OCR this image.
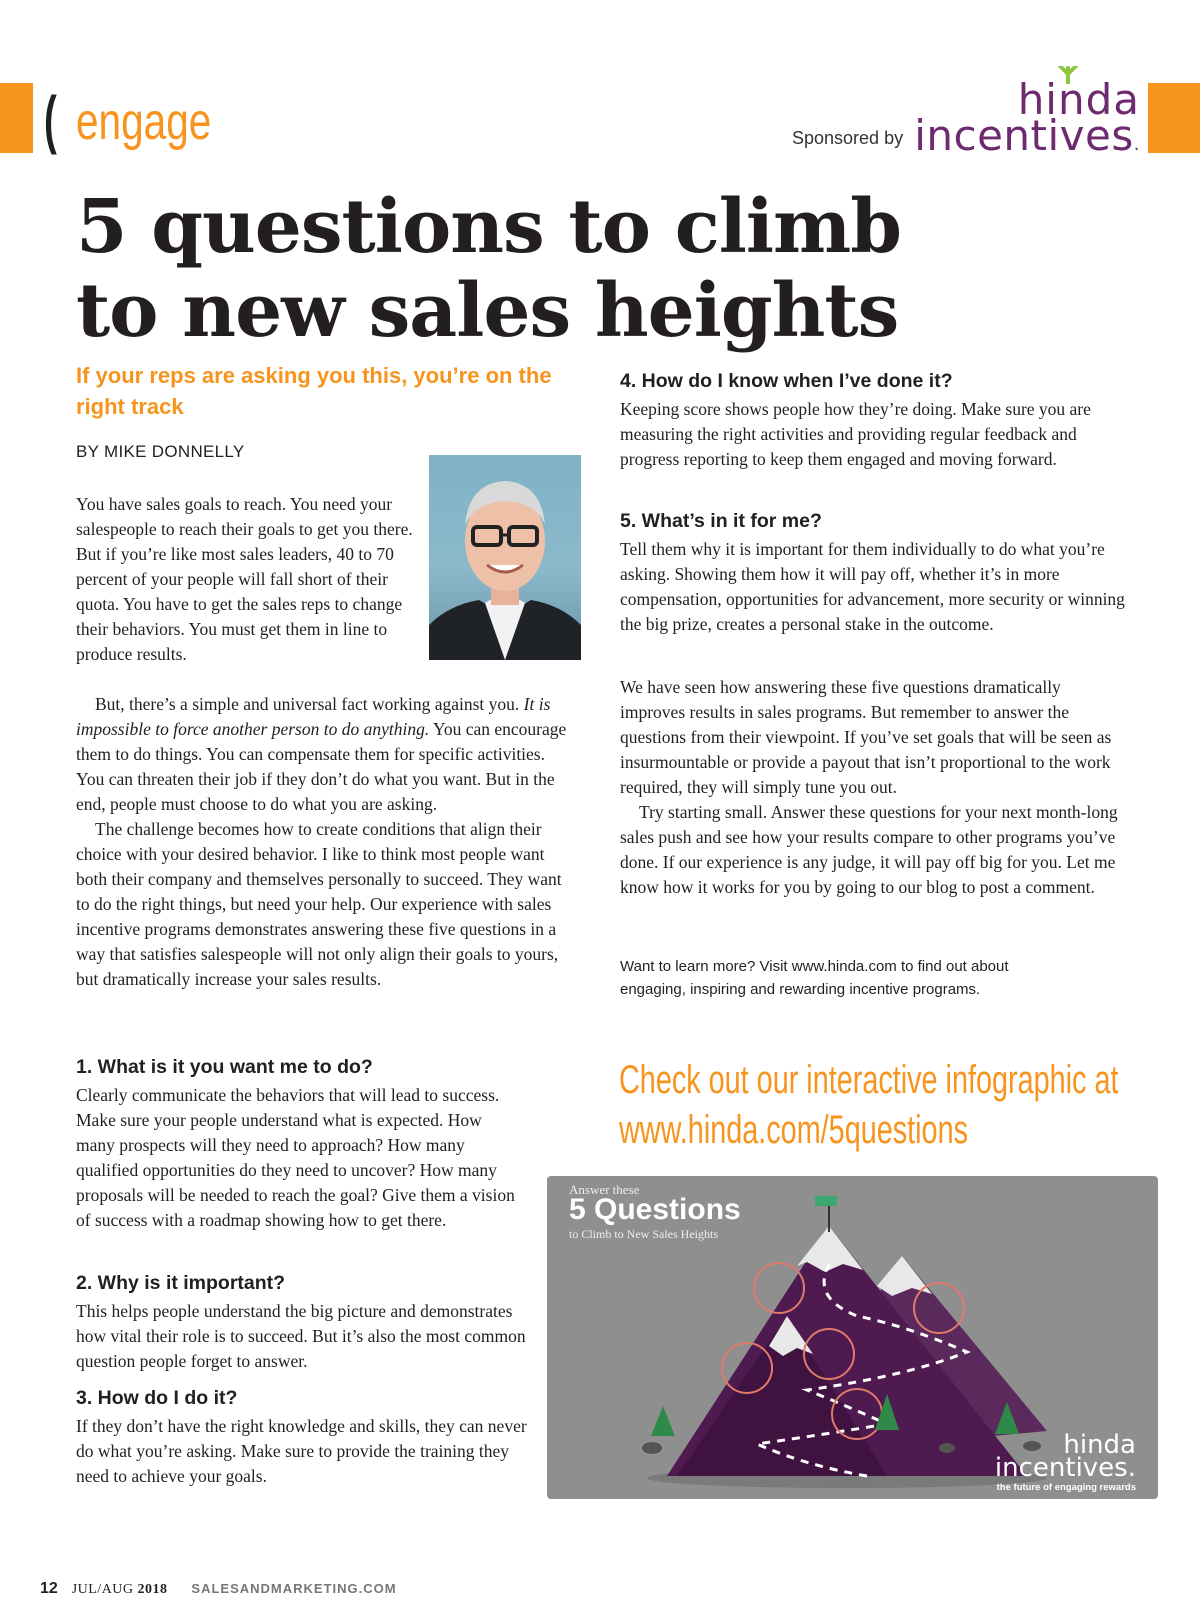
( engage	Sponsored by
hinda
incentives.
5 questions to climb to new sales heights
If your reps are asking you this, you’re on the right track
BY MIKE DONNELLY

You have sales goals to reach. You need your salespeople to reach their goals to get you there. But if you’re like most sales leaders, 40 to 70 percent of your people will fall short of their quota. You have to get the sales reps to change their behaviors. You must get them in line to produce results.

But, there’s a simple and universal fact working against you. It is impossible to force another person to do anything. You can encourage them to do things. You can compensate them for specific activities. You can threaten their job if they don’t do what you want. But in the end, people must choose to do what you are asking.

The challenge becomes how to create conditions that align their choice with your desired behavior. I like to think most people want both their company and themselves personally to succeed. They want to do the right things, but need your help. Our experience with sales incentive programs demonstrates answering these five questions in a way that satisfies salespeople will not only align their goals to yours, but dramatically increase your sales results.

1. What is it you want me to do?
Clearly communicate the behaviors that will lead to success. Make sure your people understand what is expected. How many prospects will they need to approach? How many qualified opportunities do they need to uncover? How many proposals will be needed to reach the goal? Give them a vision of success with a roadmap showing how to get there.
2. Why is it important?
This helps people understand the big picture and demonstrates how vital their role is to succeed. But it’s also the most common question people forget to answer.
3. How do I do it?
If they don’t have the right knowledge and skills, they can never do what you’re asking. Make sure to provide the training they need to achieve your goals.
4. How do I know when I’ve done it?
Keeping score shows people how they’re doing. Make sure you are measuring the right activities and providing regular feedback and progress reporting to keep them engaged and moving forward.
5. What’s in it for me?
Tell them why it is important for them individually to do what you’re asking. Showing them how it will pay off, whether it’s in more compensation, opportunities for advancement, more security or winning the big prize, creates a personal stake in the outcome.

We have seen how answering these five questions dramatically improves results in sales programs. But remember to answer the questions from their viewpoint. If you’ve set goals that will be seen as insurmountable or provide a payout that isn’t proportional to the work required, they will simply tune you out.

Try starting small. Answer these questions for your next month-long sales push and see how your results compare to other programs you’ve done. If our experience is any judge, it will pay off big for you. Let me know how it works for you by going to our blog to post a comment.

Want to learn more? Visit www.hinda.com to find out about engaging, inspiring and rewarding incentive programs.
Check out our interactive infographic at
www.hinda.com/5questions
Answer these
5 Questions
to Climb to New Sales Heights
hinda
incentives.
the future of engaging rewards
12 JUL/AUG 2018 SALESANDMARKETING.COM
